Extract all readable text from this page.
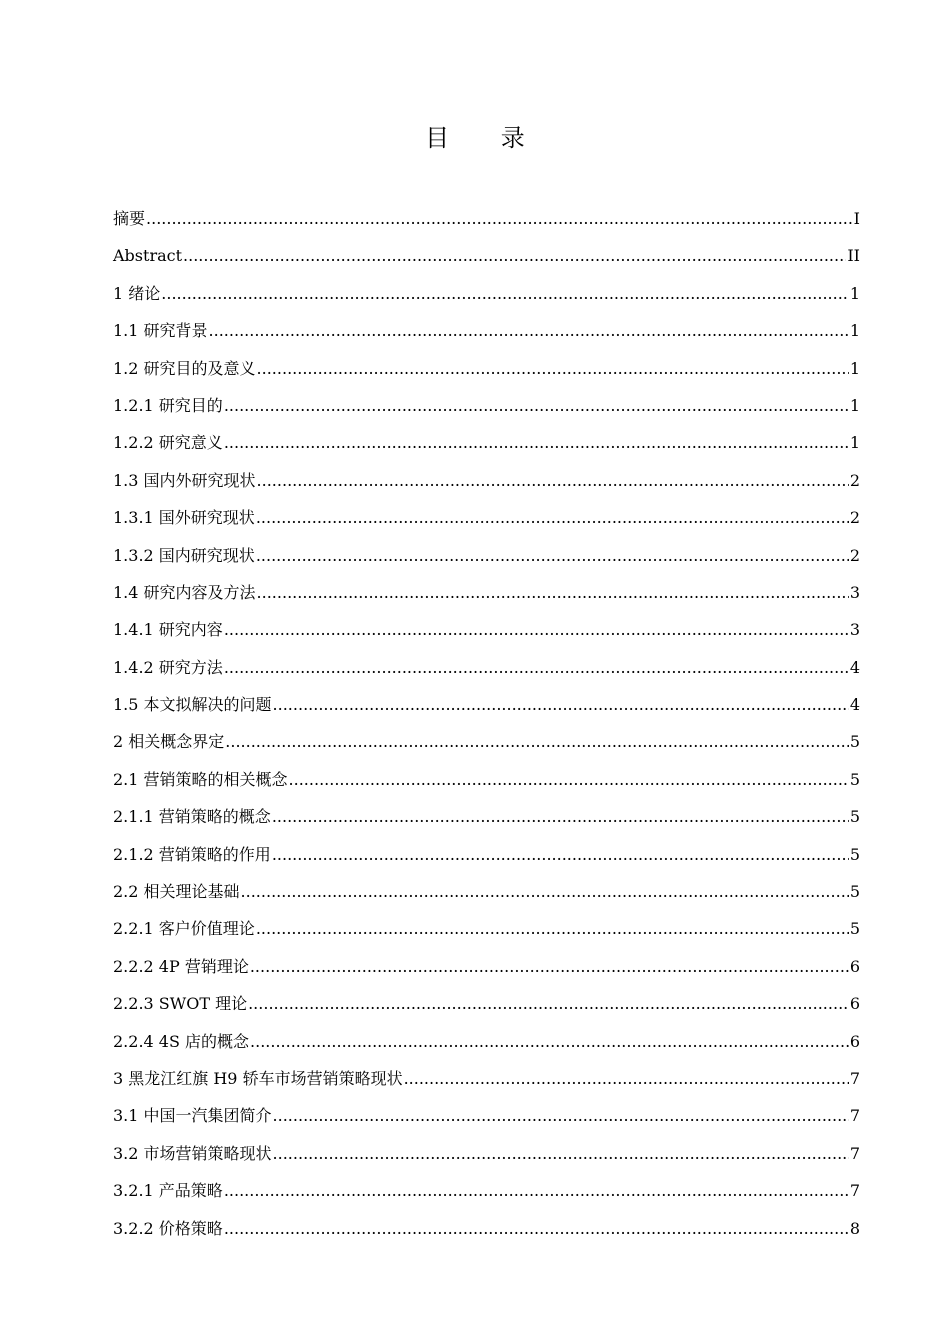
目 录
摘要 .....	I
Abstract .....	II
1 绪论 .....	1
1.1 研究背景 .....	1
1.2 研究目的及意义 .....	1
1.2.1 研究目的 .....	1
1.2.2 研究意义 .....	1
1.3 国内外研究现状 .....	2
1.3.1 国外研究现状 .....	2
1.3.2 国内研究现状 .....	2
1.4 研究内容及方法 .....	3
1.4.1 研究内容 .....	3
1.4.2 研究方法 .....	4
1.5 本文拟解决的问题 .....	4
2 相关概念界定 .....	5
2.1 营销策略的相关概念 .....	5
2.1.1 营销策略的概念 .....	5
2.1.2 营销策略的作用 .....	5
2.2 相关理论基础 .....	5
2.2.1 客户价值理论 .....	5
2.2.2 4P 营销理论 .....	6
2.2.3 SWOT 理论 .....	6
2.2.4 4S 店的概念 .....	6
3 黑龙江红旗 H9 轿车市场营销策略现状 .....	7
3.1 中国一汽集团简介 .....	7
3.2 市场营销策略现状 .....	7
3.2.1 产品策略 .....	7
3.2.2 价格策略 .....	8
